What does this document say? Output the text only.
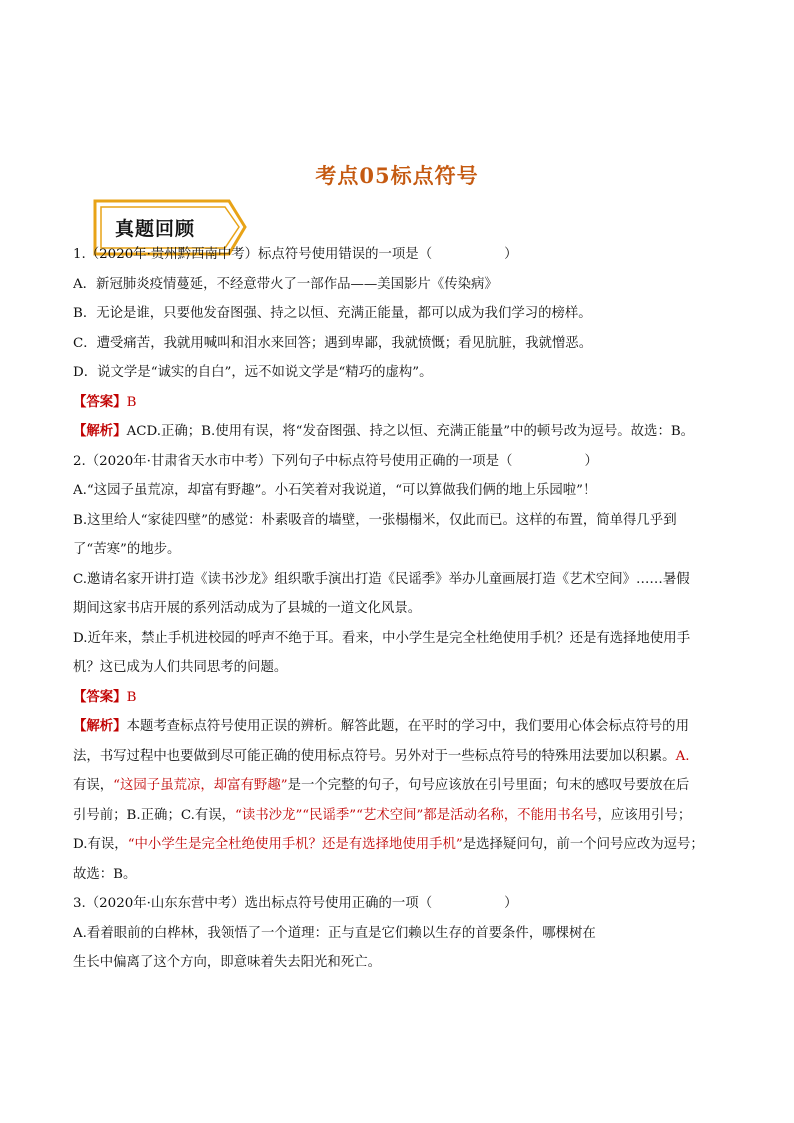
考点05标点符号
真题回顾
1.（2020年·贵州黔西南中考）标点符号使用错误的一项是（	）
A．新冠肺炎疫情蔓延，不经意带火了一部作品——美国影片《传染病》
B．无论是谁，只要他发奋图强、持之以恒、充满正能量，都可以成为我们学习的榜样。
C．遭受痛苦，我就用喊叫和泪水来回答；遇到卑鄙，我就愤慨；看见肮脏，我就憎恶。
D．说文学是“诚实的自白”，远不如说文学是“精巧的虚构”。
【答案】B
【解析】ACD.正确；B.使用有误，将“发奋图强、持之以恒、充满正能量”中的顿号改为逗号。故选：B。
2.（2020年·甘肃省天水市中考）下列句子中标点符号使用正确的一项是（	）
A.“这园子虽荒凉，却富有野趣”。小石笑着对我说道，“可以算做我们俩的地上乐园啦”！
B.这里给人“家徒四壁”的感觉：朴素吸音的墙壁，一张榻榻米，仅此而已。这样的布置，简单得几乎到
了“苦寒”的地步。
C.邀请名家开讲打造《读书沙龙》组织歌手演出打造《民谣季》举办儿童画展打造《艺术空间》……暑假
期间这家书店开展的系列活动成为了县城的一道文化风景。
D.近年来，禁止手机进校园的呼声不绝于耳。看来，中小学生是完全杜绝使用手机？还是有选择地使用手
机？这已成为人们共同思考的问题。
【答案】B
【解析】本题考查标点符号使用正误的辨析。解答此题，在平时的学习中，我们要用心体会标点符号的用
法，书写过程中也要做到尽可能正确的使用标点符号。另外对于一些标点符号的特殊用法要加以积累。A.
有误，“这园子虽荒凉，却富有野趣”是一个完整的句子，句号应该放在引号里面；句末的感叹号要放在后
引号前；B.正确；C.有误，“读书沙龙”“民谣季”“艺术空间”都是活动名称，不能用书名号，应该用引号；
D.有误，“中小学生是完全杜绝使用手机？还是有选择地使用手机”是选择疑问句，前一个问号应改为逗号；
故选：B。
3.（2020年·山东东营中考）选出标点符号使用正确的一项（	）
A.看着眼前的白桦林，我领悟了一个道理：正与直是它们赖以生存的首要条件，哪棵树在
生长中偏离了这个方向，即意味着失去阳光和死亡。
